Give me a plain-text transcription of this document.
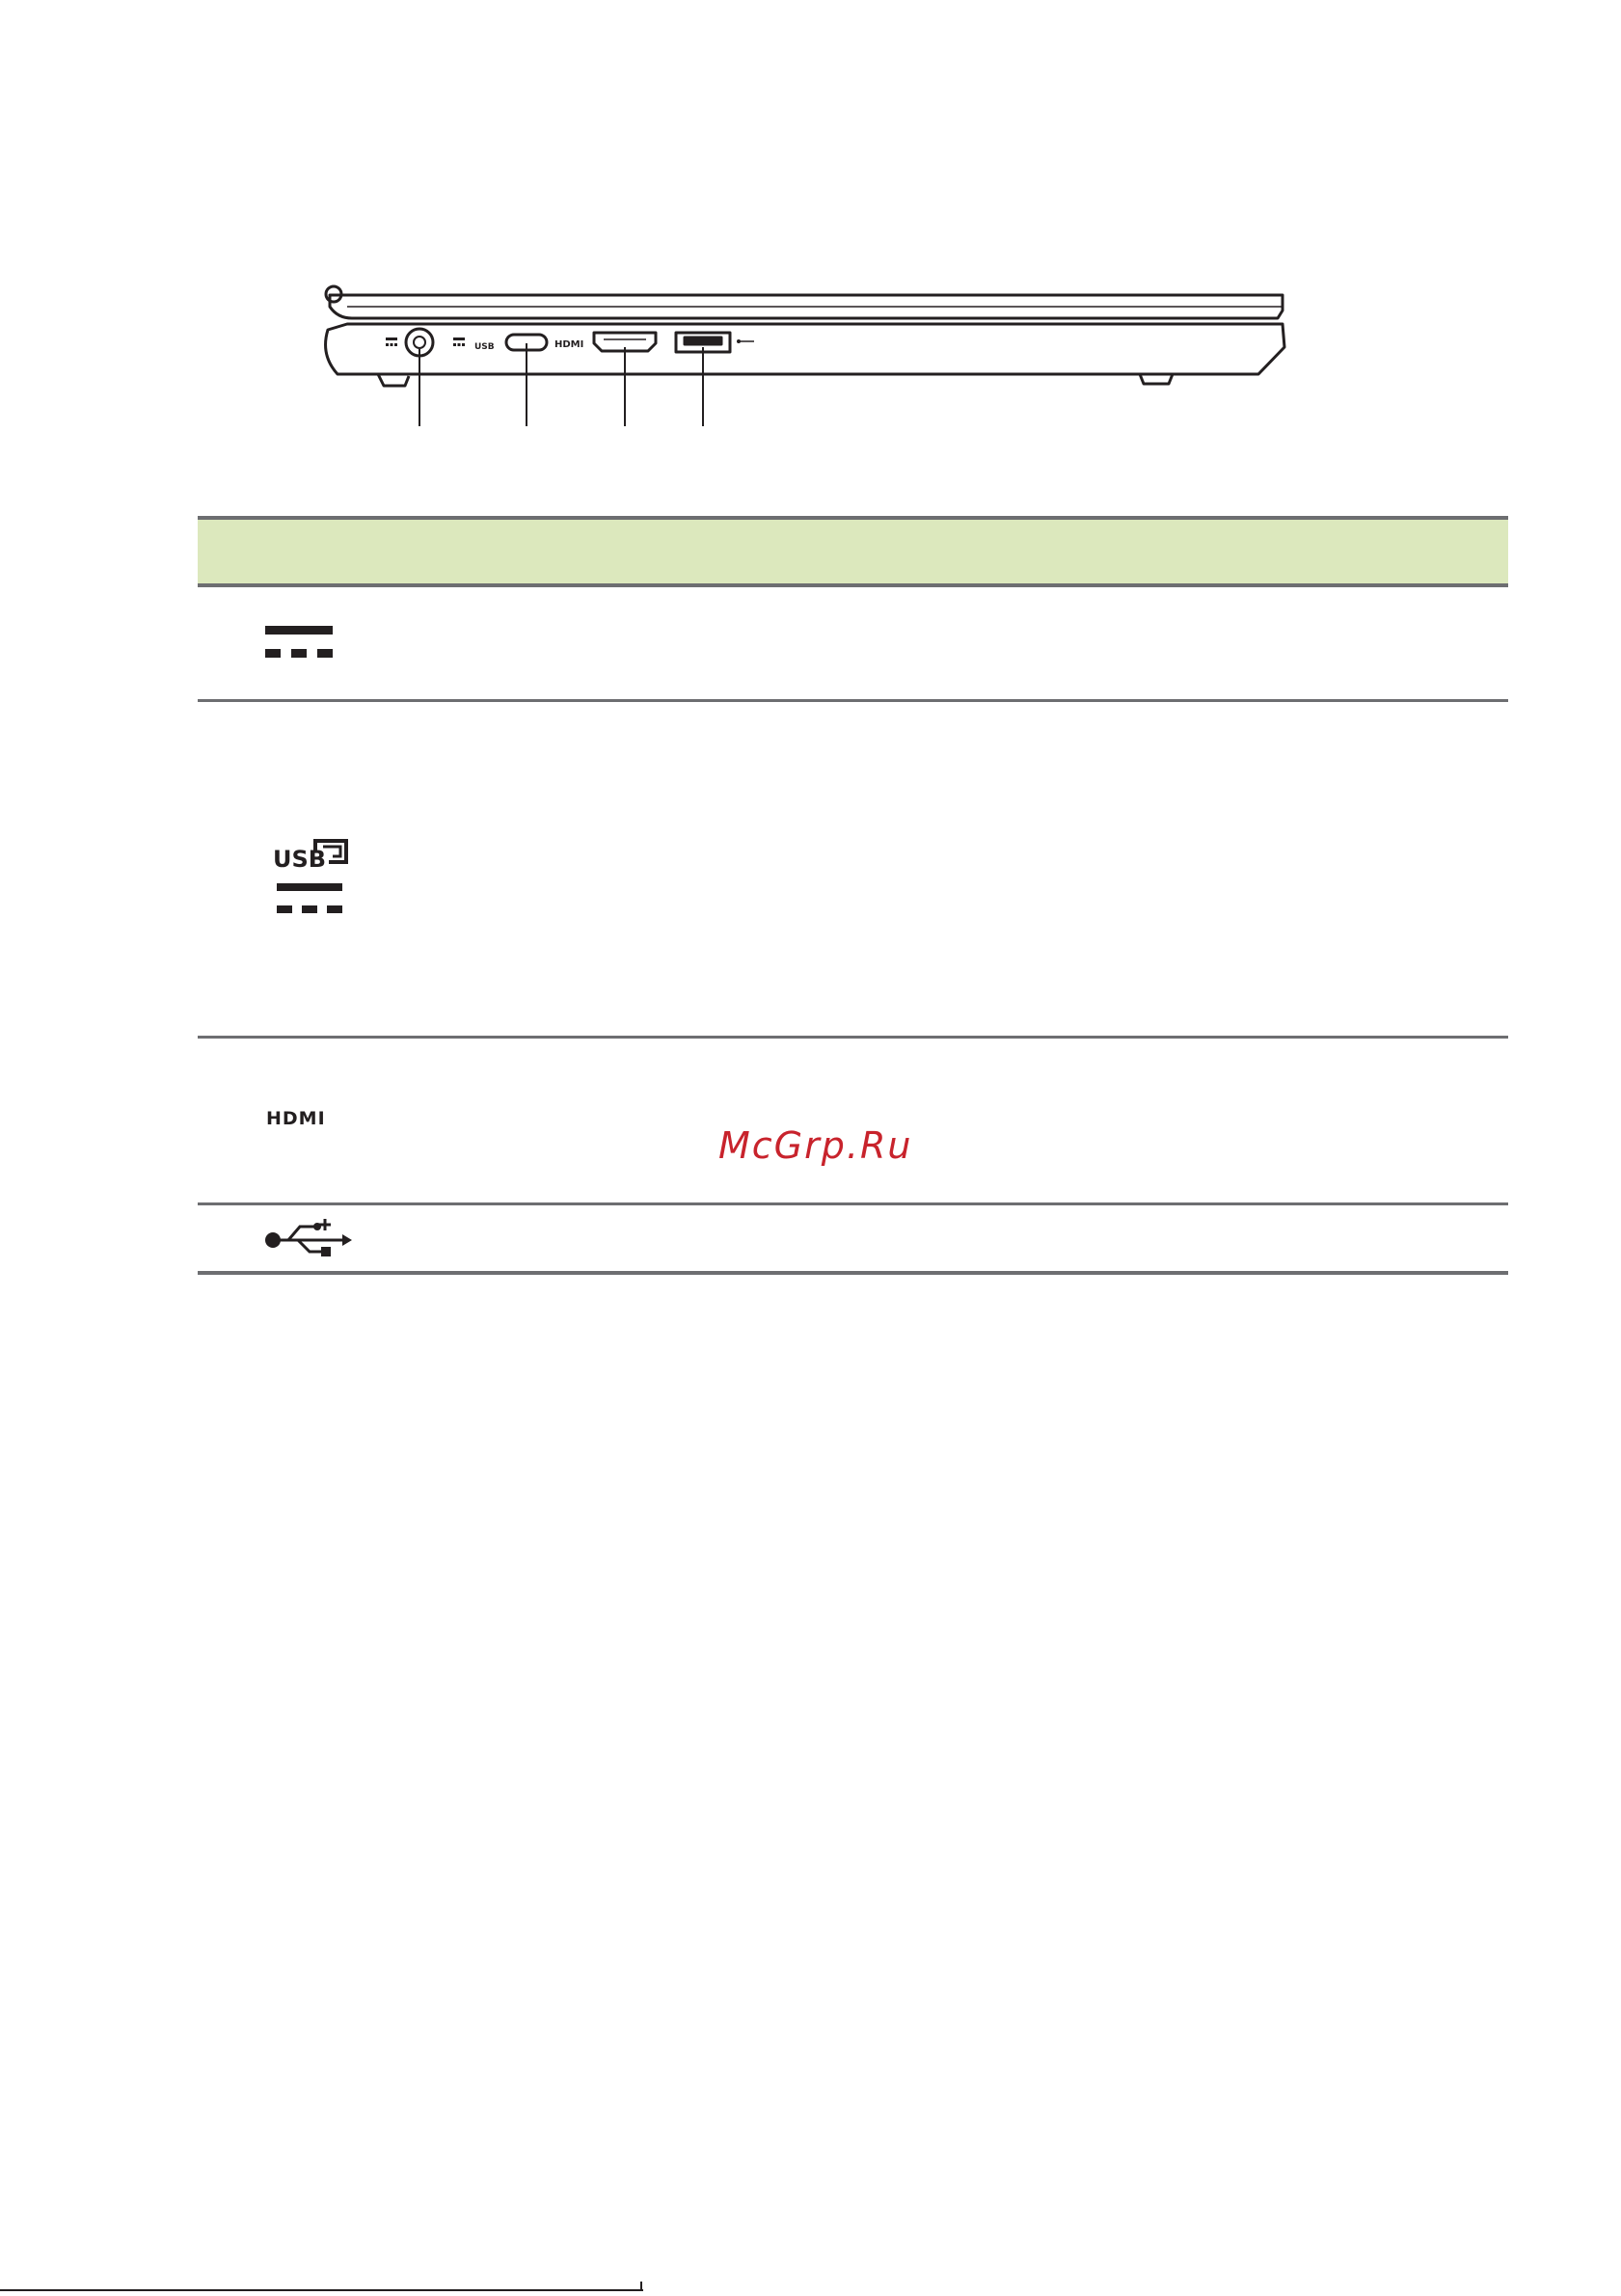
USB	HDMI
USB
HDMI
McGrp.Ru
